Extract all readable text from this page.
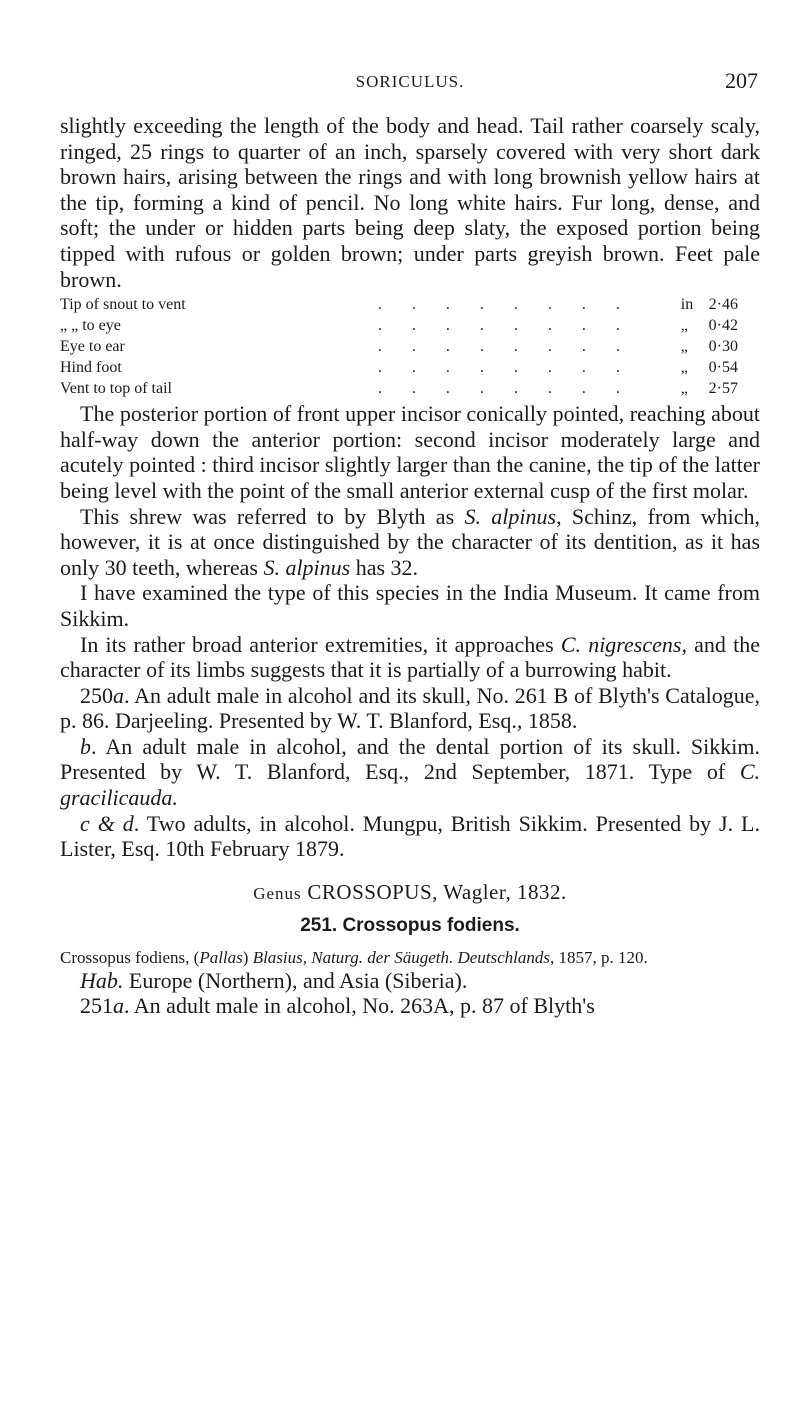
SORICULUS.	207

slightly exceeding the length of the body and head. Tail rather coarsely scaly, ringed, 25 rings to quarter of an inch, sparsely covered with very short dark brown hairs, arising between the rings and with long brownish yellow hairs at the tip, forming a kind of pencil. No long white hairs. Fur long, dense, and soft; the under or hidden parts being deep slaty, the exposed portion being tipped with rufous or golden brown; under parts greyish brown. Feet pale brown.

Tip of snout to vent	. . . . . . . .	in	2·46
„ „ to eye	. . . . . . . .	„	0·42
Eye to ear	. . . . . . . .	„	0·30
Hind foot	. . . . . . . .	„	0·54
Vent to top of tail	. . . . . . . .	„	2·57

The posterior portion of front upper incisor conically pointed, reaching about half-way down the anterior portion: second incisor moderately large and acutely pointed : third incisor slightly larger than the canine, the tip of the latter being level with the point of the small anterior external cusp of the first molar.

This shrew was referred to by Blyth as S. alpinus, Schinz, from which, however, it is at once distinguished by the character of its dentition, as it has only 30 teeth, whereas S. alpinus has 32.

I have examined the type of this species in the India Museum. It came from Sikkim.

In its rather broad anterior extremities, it approaches C. nigrescens, and the character of its limbs suggests that it is partially of a burrowing habit.

250a. An adult male in alcohol and its skull, No. 261 B of Blyth's Catalogue, p. 86. Darjeeling. Presented by W. T. Blanford, Esq., 1858.

b. An adult male in alcohol, and the dental portion of its skull. Sikkim. Presented by W. T. Blanford, Esq., 2nd September, 1871. Type of C. gracilicauda.

c & d. Two adults, in alcohol. Mungpu, British Sikkim. Presented by J. L. Lister, Esq. 10th February 1879.

Genus CROSSOPUS, Wagler, 1832.
251. Crossopus fodiens.

Crossopus fodiens, (Pallas) Blasius, Naturg. der Säugeth. Deutschlands, 1857, p. 120.

Hab. Europe (Northern), and Asia (Siberia).

251a. An adult male in alcohol, No. 263A, p. 87 of Blyth's
